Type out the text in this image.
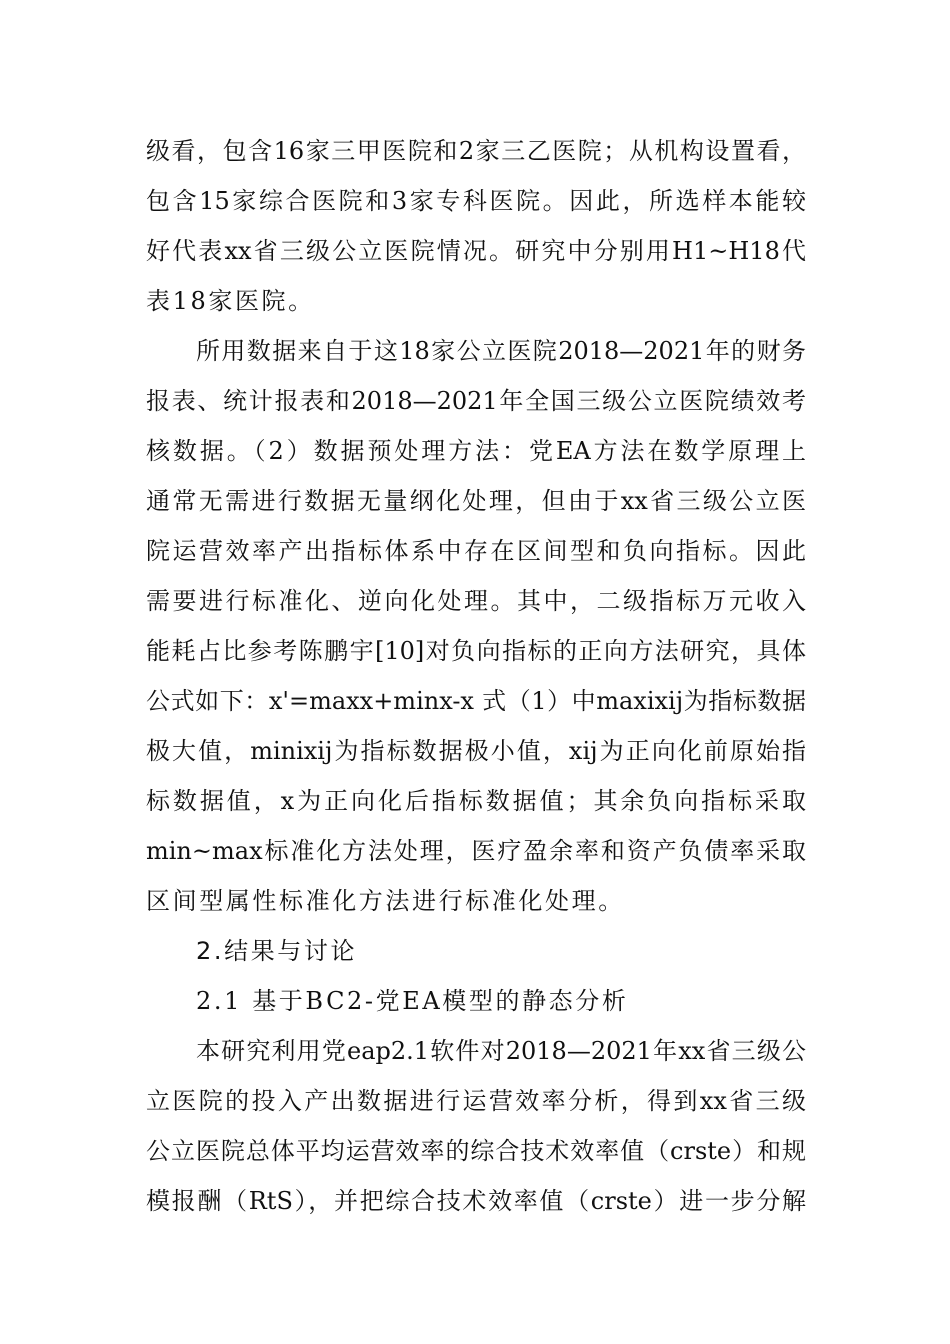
级看，包含16家三甲医院和2家三乙医院；从机构设置看，
包含15家综合医院和3家专科医院。因此，所选样本能较
好代表xx省三级公立医院情况。研究中分别用H1~H18代
表18家医院。
所用数据来自于这18家公立医院2018—2021年的财务
报表、统计报表和2018—2021年全国三级公立医院绩效考
核数据。（2）数据预处理方法：党EA方法在数学原理上
通常无需进行数据无量纲化处理，但由于xx省三级公立医
院运营效率产出指标体系中存在区间型和负向指标。因此
需要进行标准化、逆向化处理。其中，二级指标万元收入
能耗占比参考陈鹏宇[10]对负向指标的正向方法研究，具体
公式如下：x'=maxx+minx-x 式（1）中maxixij为指标数据
极大值，minixij为指标数据极小值，xij为正向化前原始指
标数据值，x为正向化后指标数据值；其余负向指标采取
min~max标准化方法处理，医疗盈余率和资产负债率采取
区间型属性标准化方法进行标准化处理。
2.结果与讨论
2.1 基于BC2-党EA模型的静态分析
本研究利用党eap2.1软件对2018—2021年xx省三级公
立医院的投入产出数据进行运营效率分析，得到xx省三级
公立医院总体平均运营效率的综合技术效率值（crste）和规
模报酬（RtS），并把综合技术效率值（crste）进一步分解
